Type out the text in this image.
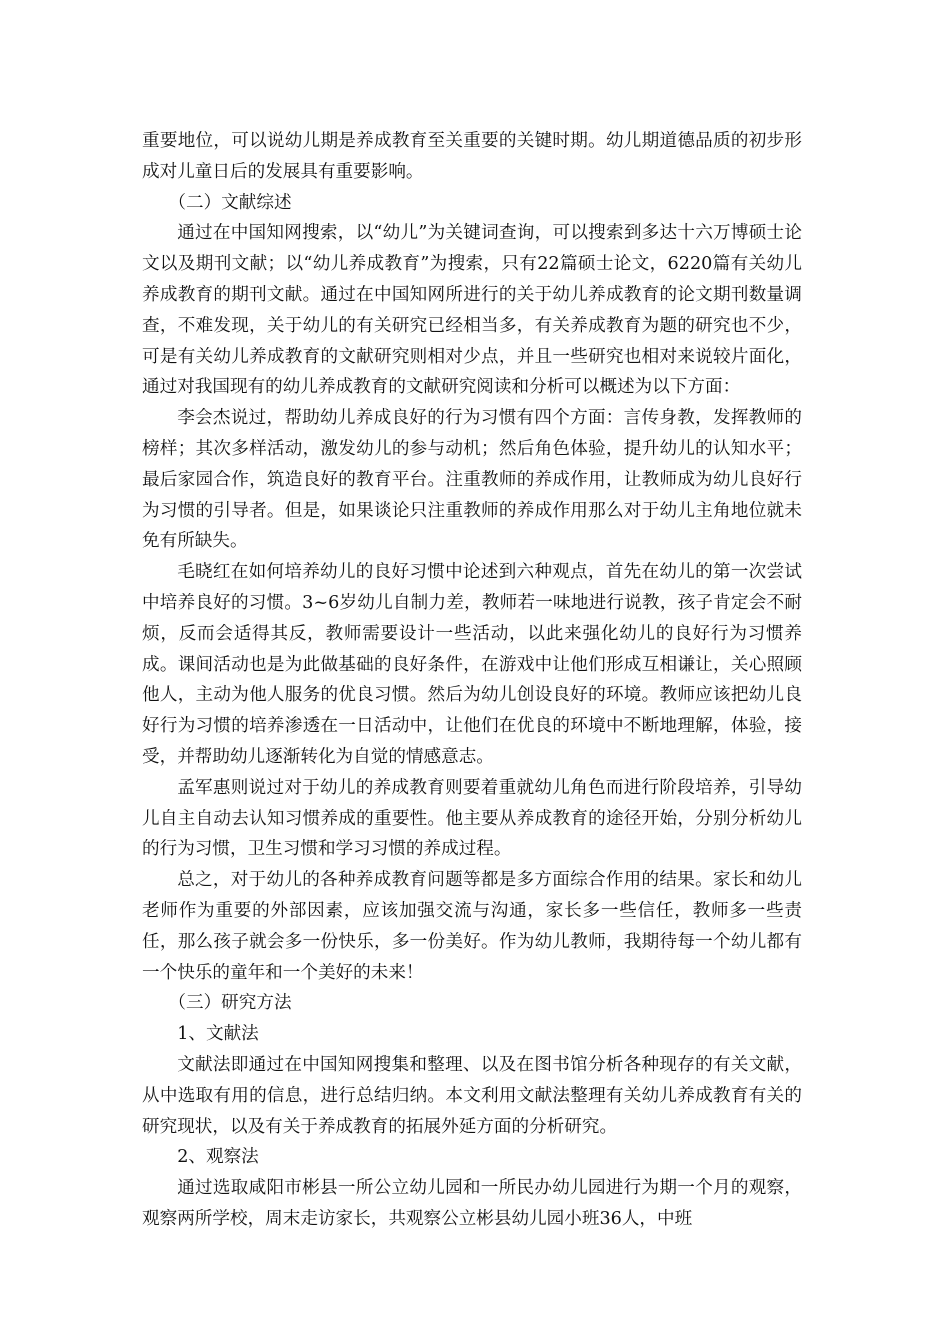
重要地位，可以说幼儿期是养成教育至关重要的关键时期。幼儿期道德品质的初步形成对儿童日后的发展具有重要影响。

（二）文献综述

通过在中国知网搜索，以“幼儿”为关键词查询，可以搜索到多达十六万博硕士论文以及期刊文献；以“幼儿养成教育”为搜索，只有22篇硕士论文，6220篇有关幼儿养成教育的期刊文献。通过在中国知网所进行的关于幼儿养成教育的论文期刊数量调查，不难发现，关于幼儿的有关研究已经相当多，有关养成教育为题的研究也不少，可是有关幼儿养成教育的文献研究则相对少点，并且一些研究也相对来说较片面化，通过对我国现有的幼儿养成教育的文献研究阅读和分析可以概述为以下方面：

李会杰说过，帮助幼儿养成良好的行为习惯有四个方面：言传身教，发挥教师的榜样；其次多样活动，激发幼儿的参与动机；然后角色体验，提升幼儿的认知水平；最后家园合作，筑造良好的教育平台。注重教师的养成作用，让教师成为幼儿良好行为习惯的引导者。但是，如果谈论只注重教师的养成作用那么对于幼儿主角地位就未免有所缺失。

毛晓红在如何培养幼儿的良好习惯中论述到六种观点，首先在幼儿的第一次尝试中培养良好的习惯。3~6岁幼儿自制力差，教师若一味地进行说教，孩子肯定会不耐烦，反而会适得其反，教师需要设计一些活动，以此来强化幼儿的良好行为习惯养成。课间活动也是为此做基础的良好条件，在游戏中让他们形成互相谦让，关心照顾他人，主动为他人服务的优良习惯。然后为幼儿创设良好的环境。教师应该把幼儿良好行为习惯的培养渗透在一日活动中，让他们在优良的环境中不断地理解，体验，接受，并帮助幼儿逐渐转化为自觉的情感意志。

孟军惠则说过对于幼儿的养成教育则要着重就幼儿角色而进行阶段培养，引导幼儿自主自动去认知习惯养成的重要性。他主要从养成教育的途径开始，分别分析幼儿的行为习惯，卫生习惯和学习习惯的养成过程。

总之，对于幼儿的各种养成教育问题等都是多方面综合作用的结果。家长和幼儿老师作为重要的外部因素，应该加强交流与沟通，家长多一些信任，教师多一些责任，那么孩子就会多一份快乐，多一份美好。作为幼儿教师，我期待每一个幼儿都有一个快乐的童年和一个美好的未来！

（三）研究方法

1、文献法

文献法即通过在中国知网搜集和整理、以及在图书馆分析各种现存的有关文献，从中选取有用的信息，进行总结归纳。本文利用文献法整理有关幼儿养成教育有关的研究现状，以及有关于养成教育的拓展外延方面的分析研究。

2、观察法

通过选取咸阳市彬县一所公立幼儿园和一所民办幼儿园进行为期一个月的观察，观察两所学校，周末走访家长，共观察公立彬县幼儿园小班36人，中班
